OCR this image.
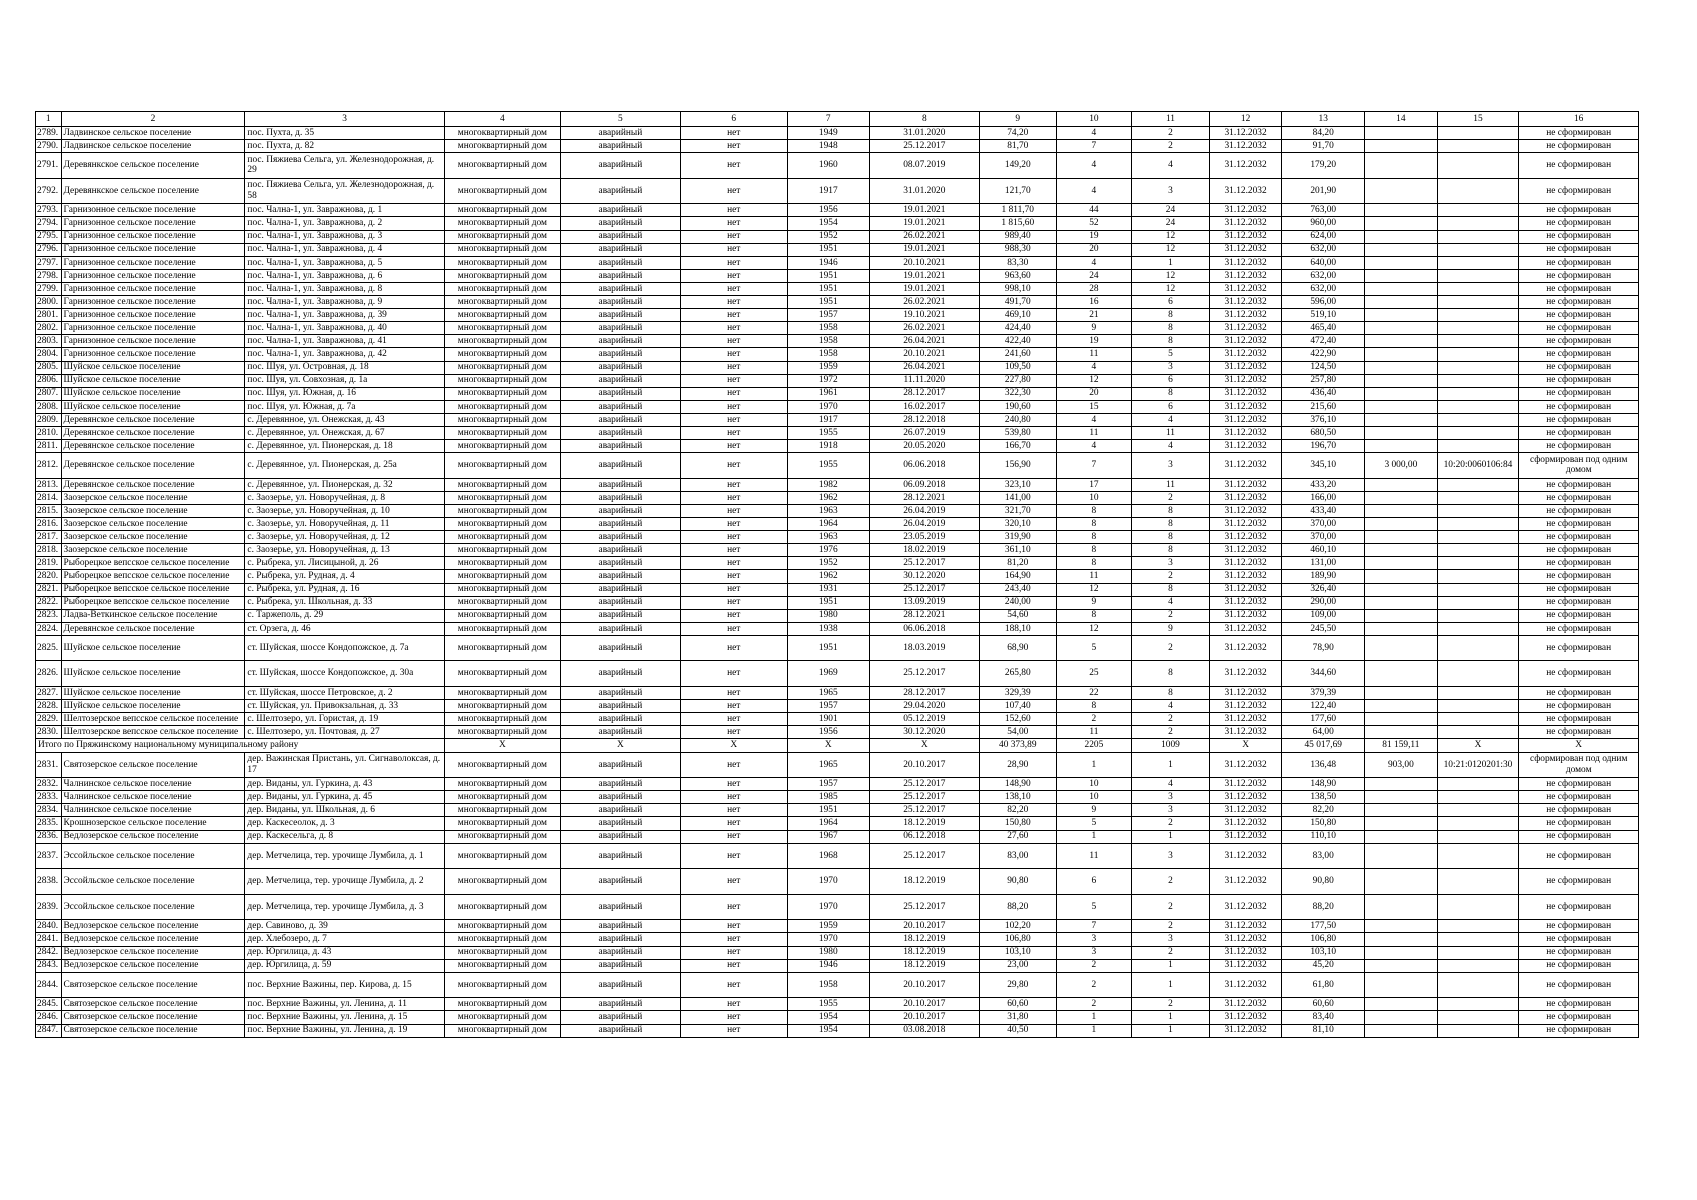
1	2	3	4	5	6	7	8	9	10	11	12	13	14	15	16
2789.	Ладвинское сельское поселение	пос. Пухта, д. 35	многоквартирный дом	аварийный	нет	1949	31.01.2020	74,20	4	2	31.12.2032	84,20			не сформирован
2790.	Ладвинское сельское поселение	пос. Пухта, д. 82	многоквартирный дом	аварийный	нет	1948	25.12.2017	81,70	7	2	31.12.2032	91,70			не сформирован
2791.	Деревянкское сельское поселение	пос. Пяжиева Сельга, ул. Железнодорожная, д. 29	многоквартирный дом	аварийный	нет	1960	08.07.2019	149,20	4	4	31.12.2032	179,20			не сформирован
2792.	Деревянкское сельское поселение	пос. Пяжиева Сельга, ул. Железнодорожная, д. 58	многоквартирный дом	аварийный	нет	1917	31.01.2020	121,70	4	3	31.12.2032	201,90			не сформирован
2793.	Гарнизонное сельское поселение	пос. Чална-1, ул. Завражнова, д. 1	многоквартирный дом	аварийный	нет	1956	19.01.2021	1 811,70	44	24	31.12.2032	763,00			не сформирован
2794.	Гарнизонное сельское поселение	пос. Чална-1, ул. Завражнова, д. 2	многоквартирный дом	аварийный	нет	1954	19.01.2021	1 815,60	52	24	31.12.2032	960,00			не сформирован
2795.	Гарнизонное сельское поселение	пос. Чална-1, ул. Завражнова, д. 3	многоквартирный дом	аварийный	нет	1952	26.02.2021	989,40	19	12	31.12.2032	624,00			не сформирован
2796.	Гарнизонное сельское поселение	пос. Чална-1, ул. Завражнова, д. 4	многоквартирный дом	аварийный	нет	1951	19.01.2021	988,30	20	12	31.12.2032	632,00			не сформирован
2797.	Гарнизонное сельское поселение	пос. Чална-1, ул. Завражнова, д. 5	многоквартирный дом	аварийный	нет	1946	20.10.2021	83,30	4	1	31.12.2032	640,00			не сформирован
2798.	Гарнизонное сельское поселение	пос. Чална-1, ул. Завражнова, д. 6	многоквартирный дом	аварийный	нет	1951	19.01.2021	963,60	24	12	31.12.2032	632,00			не сформирован
2799.	Гарнизонное сельское поселение	пос. Чална-1, ул. Завражнова, д. 8	многоквартирный дом	аварийный	нет	1951	19.01.2021	998,10	28	12	31.12.2032	632,00			не сформирован
2800.	Гарнизонное сельское поселение	пос. Чална-1, ул. Завражнова, д. 9	многоквартирный дом	аварийный	нет	1951	26.02.2021	491,70	16	6	31.12.2032	596,00			не сформирован
2801.	Гарнизонное сельское поселение	пос. Чална-1, ул. Завражнова, д. 39	многоквартирный дом	аварийный	нет	1957	19.10.2021	469,10	21	8	31.12.2032	519,10			не сформирован
2802.	Гарнизонное сельское поселение	пос. Чална-1, ул. Завражнова, д. 40	многоквартирный дом	аварийный	нет	1958	26.02.2021	424,40	9	8	31.12.2032	465,40			не сформирован
2803.	Гарнизонное сельское поселение	пос. Чална-1, ул. Завражнова, д. 41	многоквартирный дом	аварийный	нет	1958	26.04.2021	422,40	19	8	31.12.2032	472,40			не сформирован
2804.	Гарнизонное сельское поселение	пос. Чална-1, ул. Завражнова, д. 42	многоквартирный дом	аварийный	нет	1958	20.10.2021	241,60	11	5	31.12.2032	422,90			не сформирован
2805.	Шуйское сельское поселение	пос. Шуя, ул. Островная, д. 18	многоквартирный дом	аварийный	нет	1959	26.04.2021	109,50	4	3	31.12.2032	124,50			не сформирован
2806.	Шуйское сельское поселение	пос. Шуя, ул. Совхозная, д. 1а	многоквартирный дом	аварийный	нет	1972	11.11.2020	227,80	12	6	31.12.2032	257,80			не сформирован
2807.	Шуйское сельское поселение	пос. Шуя, ул. Южная, д. 16	многоквартирный дом	аварийный	нет	1961	28.12.2017	322,30	20	8	31.12.2032	436,40			не сформирован
2808.	Шуйское сельское поселение	пос. Шуя, ул. Южная, д. 7а	многоквартирный дом	аварийный	нет	1970	16.02.2017	190,60	15	6	31.12.2032	215,60			не сформирован
2809.	Деревянское сельское поселение	с. Деревянное, ул. Онежская, д. 43	многоквартирный дом	аварийный	нет	1917	28.12.2018	240,80	4	4	31.12.2032	376,10			не сформирован
2810.	Деревянское сельское поселение	с. Деревянное, ул. Онежская, д. 67	многоквартирный дом	аварийный	нет	1955	26.07.2019	539,80	11	11	31.12.2032	680,50			не сформирован
2811.	Деревянское сельское поселение	с. Деревянное, ул. Пионерская, д. 18	многоквартирный дом	аварийный	нет	1918	20.05.2020	166,70	4	4	31.12.2032	196,70			не сформирован
2812.	Деревянское сельское поселение	с. Деревянное, ул. Пионерская, д. 25а	многоквартирный дом	аварийный	нет	1955	06.06.2018	156,90	7	3	31.12.2032	345,10	3 000,00	10:20:0060106:84	сформирован под одним домом
2813.	Деревянское сельское поселение	с. Деревянное, ул. Пионерская, д. 32	многоквартирный дом	аварийный	нет	1982	06.09.2018	323,10	17	11	31.12.2032	433,20			не сформирован
2814.	Заозерское сельское поселение	с. Заозерье, ул. Новоручейная, д. 8	многоквартирный дом	аварийный	нет	1962	28.12.2021	141,00	10	2	31.12.2032	166,00			не сформирован
2815.	Заозерское сельское поселение	с. Заозерье, ул. Новоручейная, д. 10	многоквартирный дом	аварийный	нет	1963	26.04.2019	321,70	8	8	31.12.2032	433,40			не сформирован
2816.	Заозерское сельское поселение	с. Заозерье, ул. Новоручейная, д. 11	многоквартирный дом	аварийный	нет	1964	26.04.2019	320,10	8	8	31.12.2032	370,00			не сформирован
2817.	Заозерское сельское поселение	с. Заозерье, ул. Новоручейная, д. 12	многоквартирный дом	аварийный	нет	1963	23.05.2019	319,90	8	8	31.12.2032	370,00			не сформирован
2818.	Заозерское сельское поселение	с. Заозерье, ул. Новоручейная, д. 13	многоквартирный дом	аварийный	нет	1976	18.02.2019	361,10	8	8	31.12.2032	460,10			не сформирован
2819.	Рыборецкое вепсское сельское поселение	с. Рыбрека, ул. Лисицыной, д. 26	многоквартирный дом	аварийный	нет	1952	25.12.2017	81,20	8	3	31.12.2032	131,00			не сформирован
2820.	Рыборецкое вепсское сельское поселение	с. Рыбрека, ул. Рудная, д. 4	многоквартирный дом	аварийный	нет	1962	30.12.2020	164,90	11	2	31.12.2032	189,90			не сформирован
2821.	Рыборецкое вепсское сельское поселение	с. Рыбрека, ул. Рудная, д. 16	многоквартирный дом	аварийный	нет	1931	25.12.2017	243,40	12	8	31.12.2032	326,40			не сформирован
2822.	Рыборецкое вепсское сельское поселение	с. Рыбрека, ул. Школьная, д. 33	многоквартирный дом	аварийный	нет	1951	13.09.2019	240,00	9	4	31.12.2032	290,00			не сформирован
2823.	Ладва-Веткинское сельское поселение	с. Таржеполь, д. 29	многоквартирный дом	аварийный	нет	1980	28.12.2021	54,60	8	2	31.12.2032	109,00			не сформирован
2824.	Деревянское сельское поселение	ст. Орзега, д. 46	многоквартирный дом	аварийный	нет	1938	06.06.2018	188,10	12	9	31.12.2032	245,50			не сформирован
2825.	Шуйское сельское поселение	ст. Шуйская, шоссе Кондопожское, д. 7а	многоквартирный дом	аварийный	нет	1951	18.03.2019	68,90	5	2	31.12.2032	78,90			не сформирован
2826.	Шуйское сельское поселение	ст. Шуйская, шоссе Кондопожское, д. 30а	многоквартирный дом	аварийный	нет	1969	25.12.2017	265,80	25	8	31.12.2032	344,60			не сформирован
2827.	Шуйское сельское поселение	ст. Шуйская, шоссе Петровское, д. 2	многоквартирный дом	аварийный	нет	1965	28.12.2017	329,39	22	8	31.12.2032	379,39			не сформирован
2828.	Шуйское сельское поселение	ст. Шуйская, ул. Привокзальная, д. 33	многоквартирный дом	аварийный	нет	1957	29.04.2020	107,40	8	4	31.12.2032	122,40			не сформирован
2829.	Шелтозерское вепсское сельское поселение	с. Шелтозеро, ул. Гористая, д. 19	многоквартирный дом	аварийный	нет	1901	05.12.2019	152,60	2	2	31.12.2032	177,60			не сформирован
2830.	Шелтозерское вепсское сельское поселение	с. Шелтозеро, ул. Почтовая, д. 27	многоквартирный дом	аварийный	нет	1956	30.12.2020	54,00	11	2	31.12.2032	64,00			не сформирован
Итого по Пряжинскому национальному муниципальному району			X	X	X	X	X	40 373,89	2205	1009	X	45 017,69	81 159,11	X	X
2831.	Святозерское сельское поселение	дер. Важинская Пристань, ул. Сигнаволоксая, д. 17	многоквартирный дом	аварийный	нет	1965	20.10.2017	28,90	1	1	31.12.2032	136,48	903,00	10:21:0120201:30	сформирован под одним домом
2832.	Чалнинское сельское поселение	дер. Виданы, ул. Гуркина, д. 43	многоквартирный дом	аварийный	нет	1957	25.12.2017	148,90	10	4	31.12.2032	148,90			не сформирован
2833.	Чалнинское сельское поселение	дер. Виданы, ул. Гуркина, д. 45	многоквартирный дом	аварийный	нет	1985	25.12.2017	138,10	10	3	31.12.2032	138,50			не сформирован
2834.	Чалнинское сельское поселение	дер. Виданы, ул. Школьная, д. 6	многоквартирный дом	аварийный	нет	1951	25.12.2017	82,20	9	3	31.12.2032	82,20			не сформирован
2835.	Крошнозерское сельское поселение	дер. Каскесеолок, д. 3	многоквартирный дом	аварийный	нет	1964	18.12.2019	150,80	5	2	31.12.2032	150,80			не сформирован
2836.	Ведлозерское сельское поселение	дер. Каскесельга, д. 8	многоквартирный дом	аварийный	нет	1967	06.12.2018	27,60	1	1	31.12.2032	110,10			не сформирован
2837.	Эссойльское сельское поселение	дер. Метчелица, тер. урочище Лумбила, д. 1	многоквартирный дом	аварийный	нет	1968	25.12.2017	83,00	11	3	31.12.2032	83,00			не сформирован
2838.	Эссойльское сельское поселение	дер. Метчелица, тер. урочище Лумбила, д. 2	многоквартирный дом	аварийный	нет	1970	18.12.2019	90,80	6	2	31.12.2032	90,80			не сформирован
2839.	Эссойльское сельское поселение	дер. Метчелица, тер. урочище Лумбила, д. 3	многоквартирный дом	аварийный	нет	1970	25.12.2017	88,20	5	2	31.12.2032	88,20			не сформирован
2840.	Ведлозерское сельское поселение	дер. Савиново, д. 39	многоквартирный дом	аварийный	нет	1959	20.10.2017	102,20	7	2	31.12.2032	177,50			не сформирован
2841.	Ведлозерское сельское поселение	дер. Хлебозеро, д. 7	многоквартирный дом	аварийный	нет	1970	18.12.2019	106,80	3	3	31.12.2032	106,80			не сформирован
2842.	Ведлозерское сельское поселение	дер. Юргилица, д. 43	многоквартирный дом	аварийный	нет	1980	18.12.2019	103,10	3	2	31.12.2032	103,10			не сформирован
2843.	Ведлозерское сельское поселение	дер. Юргилица, д. 59	многоквартирный дом	аварийный	нет	1946	18.12.2019	23,00	2	1	31.12.2032	45,20			не сформирован
2844.	Святозерское сельское поселение	пос. Верхние Важины, пер. Кирова, д. 15	многоквартирный дом	аварийный	нет	1958	20.10.2017	29,80	2	1	31.12.2032	61,80			не сформирован
2845.	Святозерское сельское поселение	пос. Верхние Важины, ул. Ленина, д. 11	многоквартирный дом	аварийный	нет	1955	20.10.2017	60,60	2	2	31.12.2032	60,60			не сформирован
2846.	Святозерское сельское поселение	пос. Верхние Важины, ул. Ленина, д. 15	многоквартирный дом	аварийный	нет	1954	20.10.2017	31,80	1	1	31.12.2032	83,40			не сформирован
2847.	Святозерское сельское поселение	пос. Верхние Важины, ул. Ленина, д. 19	многоквартирный дом	аварийный	нет	1954	03.08.2018	40,50	1	1	31.12.2032	81,10			не сформирован
